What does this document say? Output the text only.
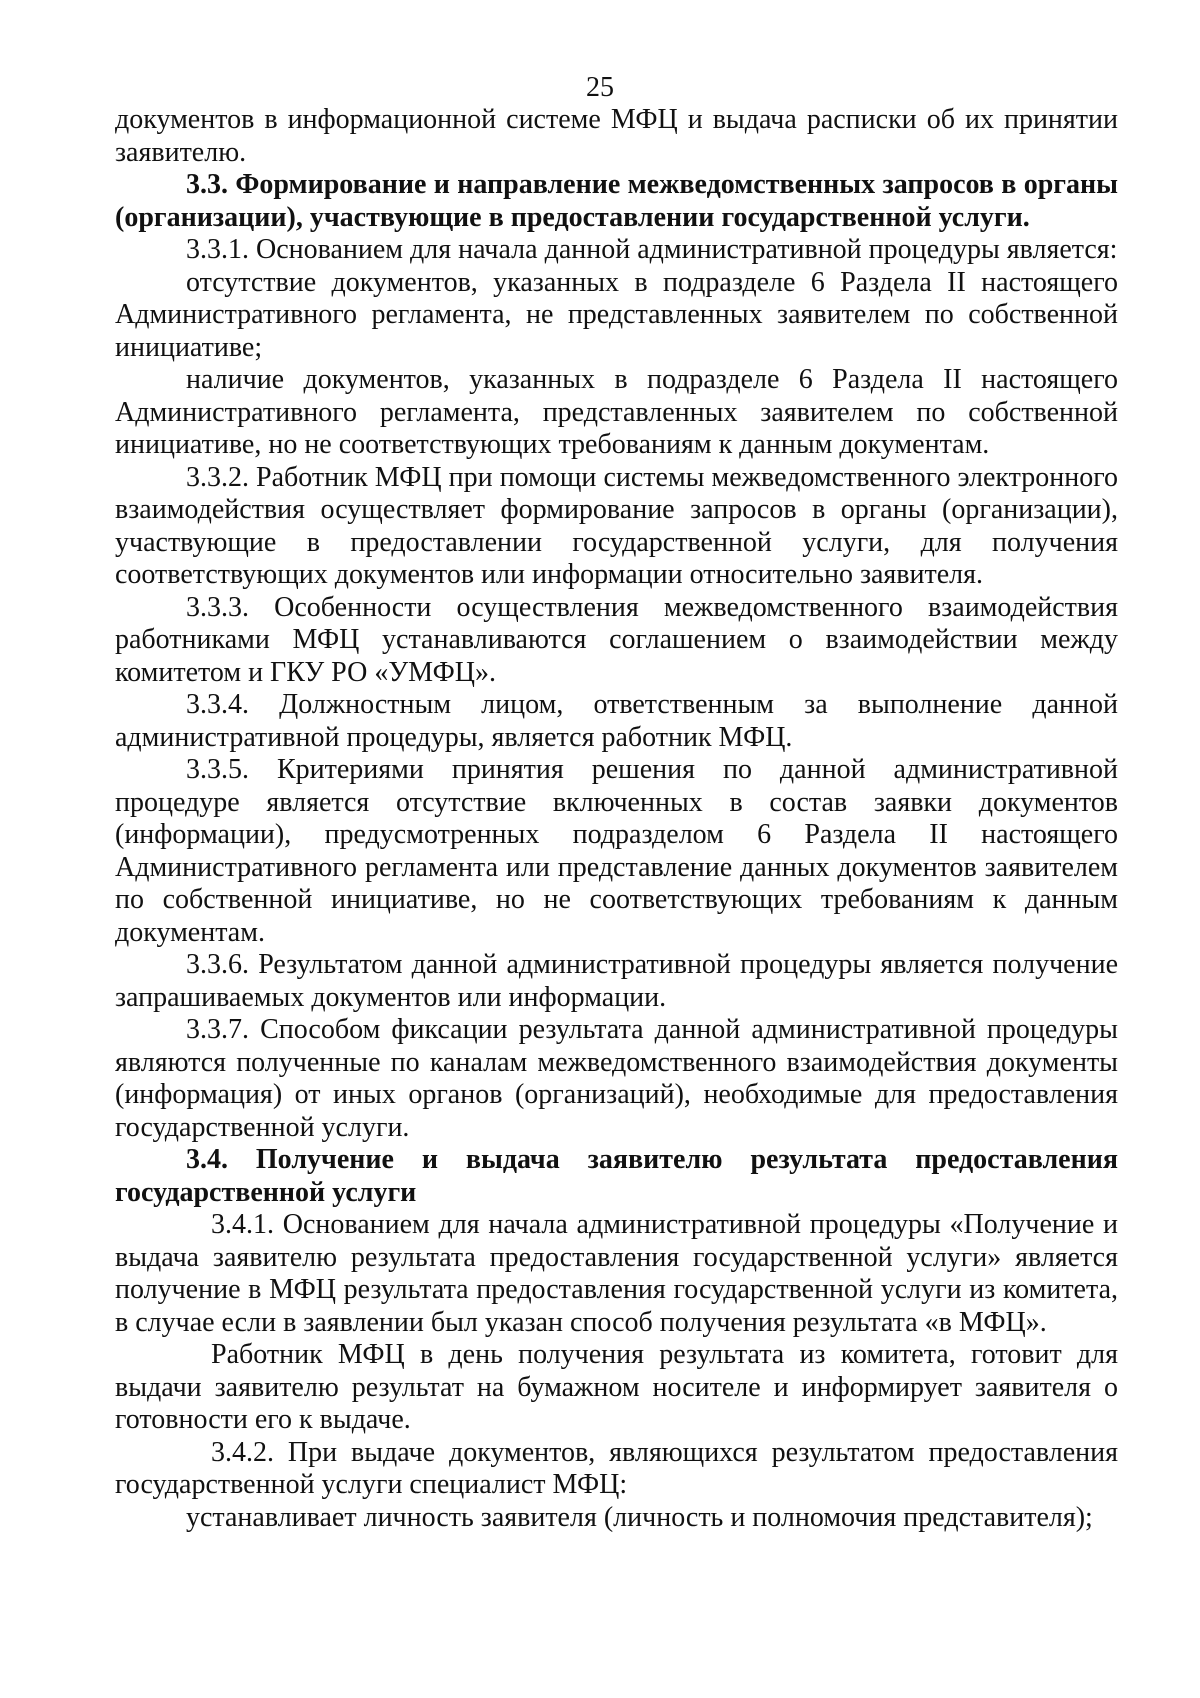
25

документов в информационной системе МФЦ и выдача расписки об их принятии заявителю.

3.3. Формирование и направление межведомственных запросов в органы (организации), участвующие в предоставлении государственной услуги.

3.3.1. Основанием для начала данной административной процедуры является:

отсутствие документов, указанных в подразделе 6 Раздела II настоящего Административного регламента, не представленных заявителем по собственной инициативе;

наличие документов, указанных в подразделе 6 Раздела II настоящего Административного регламента, представленных заявителем по собственной инициативе, но не соответствующих требованиям к данным документам.

3.3.2. Работник МФЦ при помощи системы межведомственного электронного взаимодействия осуществляет формирование запросов в органы (организации), участвующие в предоставлении государственной услуги, для получения соответствующих документов или информации относительно заявителя.

3.3.3. Особенности осуществления межведомственного взаимодействия работниками МФЦ устанавливаются соглашением о взаимодействии между комитетом и ГКУ РО «УМФЦ».

3.3.4. Должностным лицом, ответственным за выполнение данной административной процедуры, является работник МФЦ.

3.3.5. Критериями принятия решения по данной административной процедуре является отсутствие включенных в состав заявки документов (информации), предусмотренных подразделом 6 Раздела II настоящего Административного регламента или представление данных документов заявителем по собственной инициативе, но не соответствующих требованиям к данным документам.

3.3.6. Результатом данной административной процедуры является получение запрашиваемых документов или информации.

3.3.7. Способом фиксации результата данной административной процедуры являются полученные по каналам межведомственного взаимодействия документы (информация) от иных органов (организаций), необходимые для предоставления государственной услуги.

3.4. Получение и выдача заявителю результата предоставления государственной услуги

3.4.1. Основанием для начала административной процедуры «Получение и выдача заявителю результата предоставления государственной услуги» является получение в МФЦ результата предоставления государственной услуги из комитета, в случае если в заявлении был указан способ получения результата «в МФЦ».

Работник МФЦ в день получения результата из комитета, готовит для выдачи заявителю результат на бумажном носителе и информирует заявителя о готовности его к выдаче.

3.4.2. При выдаче документов, являющихся результатом предоставления государственной услуги специалист МФЦ:

устанавливает личность заявителя (личность и полномочия представителя);
